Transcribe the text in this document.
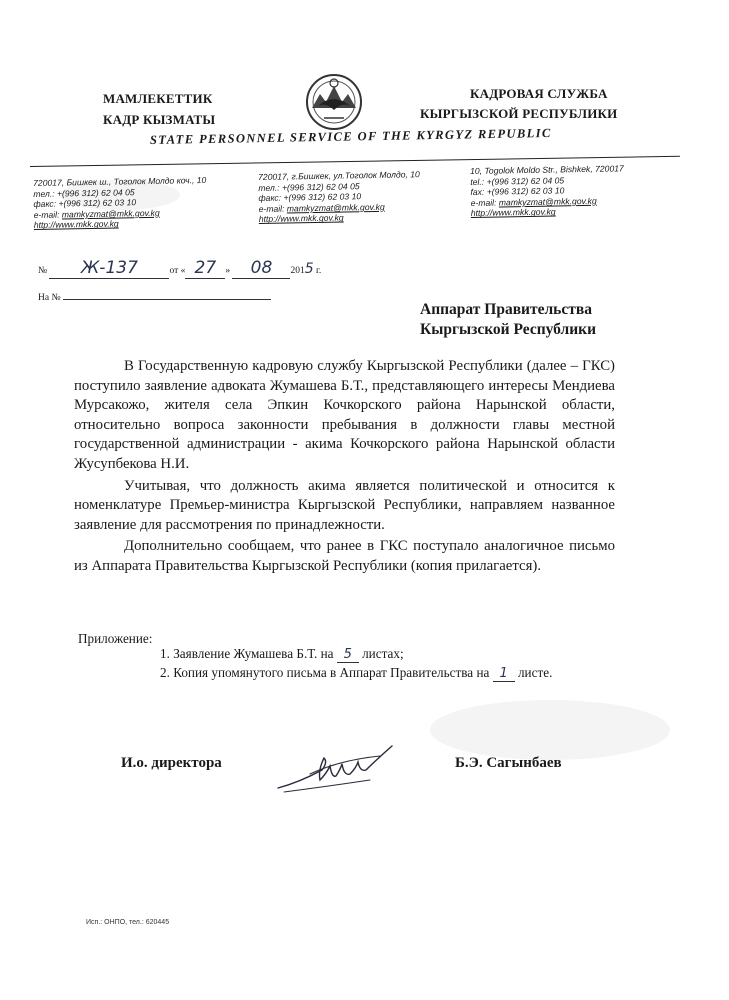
МАМЛЕКЕТТИК
КАДР КЫЗМАТЫ
КАДРОВАЯ СЛУЖБА
КЫРГЫЗСКОЙ РЕСПУБЛИКИ
STATE PERSONNEL SERVICE OF THE KYRGYZ REPUBLIC
720017, Бишкек ш., Тоголок Молдо коч., 10
тел.: +(996 312) 62 04 05
факс: +(996 312) 62 03 10
e-mail: mamkyzmat@mkk.gov.kg
http://www.mkk.gov.kg
720017, г.Бишкек, ул.Тоголок Молдо, 10
тел.: +(996 312) 62 04 05
факс: +(996 312) 62 03 10
e-mail: mamkyzmat@mkk.gov.kg
http://www.mkk.gov.kg
10, Togolok Moldo Str., Bishkek, 720017
tel.: +(996 312) 62 04 05
fax: +(996 312) 62 03 10
e-mail: mamkyzmat@mkk.gov.kg
http://www.mkk.gov.kg
№ Ж-137	от « 27 » 08 2015 г.
На №
Аппарат Правительства
Кыргызской Республики

В Государственную кадровую службу Кыргызской Республики (далее – ГКС) поступило заявление адвоката Жумашева Б.Т., представляющего интересы Мендиева Мурсакожо, жителя села Эпкин Кочкорского района Нарынской области, относительно вопроса законности пребывания в должности главы местной государственной администрации - акима Кочкорского района Нарынской области Жусупбекова Н.И.

Учитывая, что должность акима является политической и относится к номенклатуре Премьер-министра Кыргызской Республики, направляем названное заявление для рассмотрения по принадлежности.

Дополнительно сообщаем, что ранее в ГКС поступало аналогичное письмо из Аппарата Правительства Кыргызской Республики (копия прилагается).

Приложение:
1. Заявление Жумашева Б.Т. на 5 листах;
2. Копия упомянутого письма в Аппарат Правительства на 1 листе.
И.о. директора	Б.Э. Сагынбаев
Исп.: ОНПО, тел.: 620445
